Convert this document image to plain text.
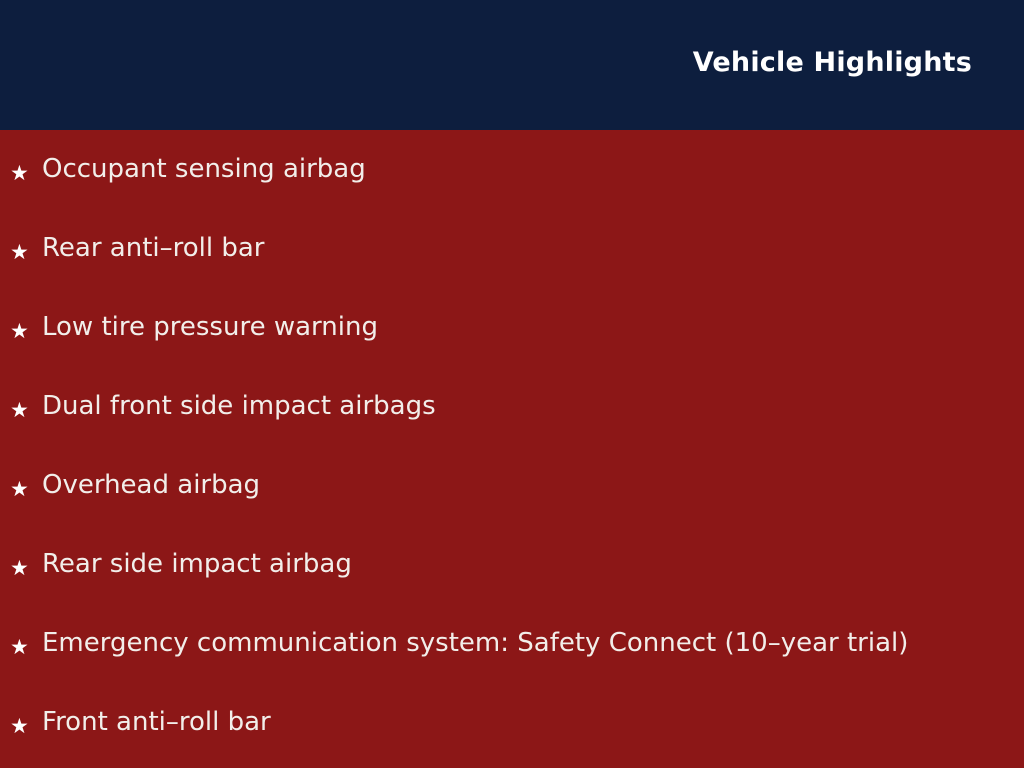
Vehicle Highlights
★ Occupant sensing airbag
★ Rear anti–roll bar
★ Low tire pressure warning
★ Dual front side impact airbags
★ Overhead airbag
★ Rear side impact airbag
★ Emergency communication system: Safety Connect (10–year trial)
★ Front anti–roll bar
